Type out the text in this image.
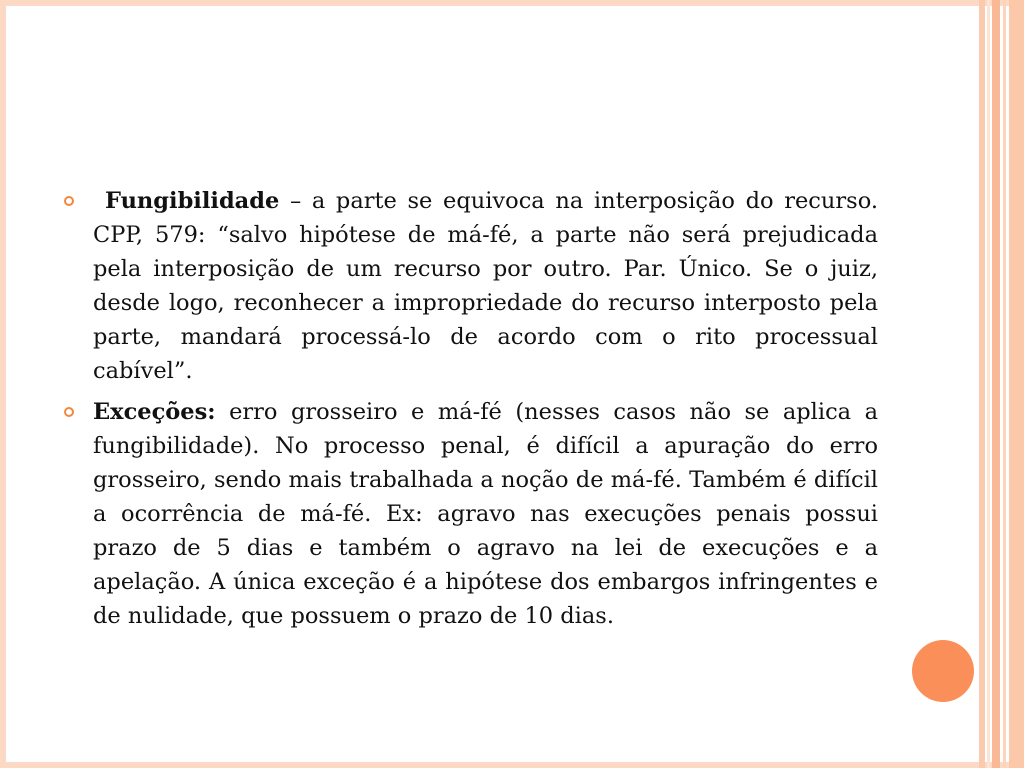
Fungibilidade – a parte se equivoca na interposição do recurso. CPP, 579: “salvo hipótese de má-fé, a parte não será prejudicada pela interposição de um recurso por outro. Par. Único. Se o juiz, desde logo, reconhecer a impropriedade do recurso interposto pela parte, mandará processá-lo de acordo com o rito processual cabível”.
Exceções: erro grosseiro e má-fé (nesses casos não se aplica a fungibilidade). No processo penal, é difícil a apuração do erro grosseiro, sendo mais trabalhada a noção de má-fé. Também é difícil a ocorrência de má-fé. Ex: agravo nas execuções penais possui prazo de 5 dias e também o agravo na lei de execuções e a apelação. A única exceção é a hipótese dos embargos infringentes e de nulidade, que possuem o prazo de 10 dias.
